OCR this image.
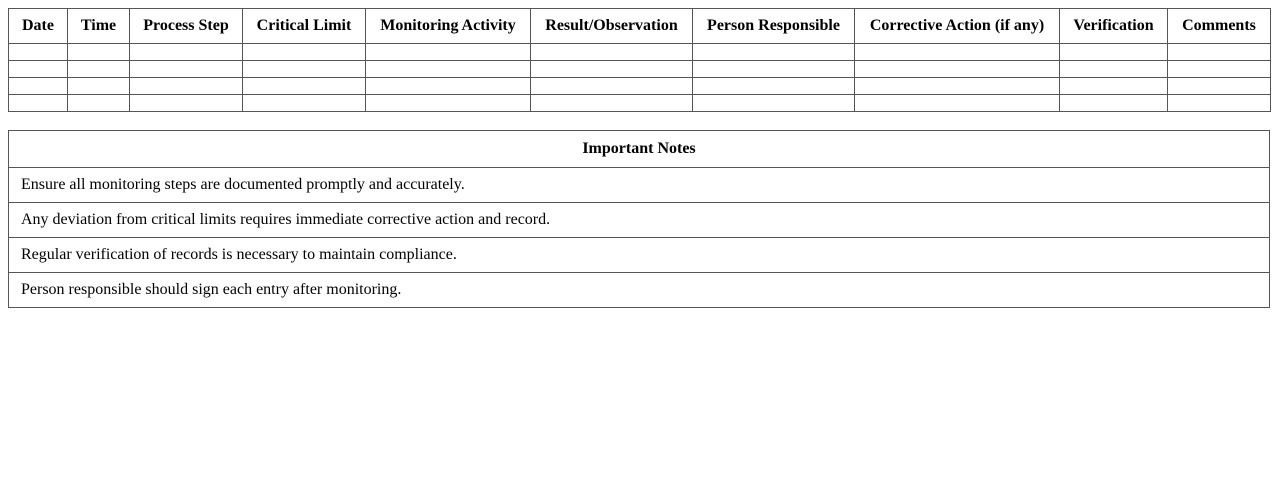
Date	Time	Process Step	Critical Limit	Monitoring Activity	Result/Observation	Person Responsible	Corrective Action (if any)	Verification	Comments

Important Notes
Ensure all monitoring steps are documented promptly and accurately.
Any deviation from critical limits requires immediate corrective action and record.
Regular verification of records is necessary to maintain compliance.
Person responsible should sign each entry after monitoring.
